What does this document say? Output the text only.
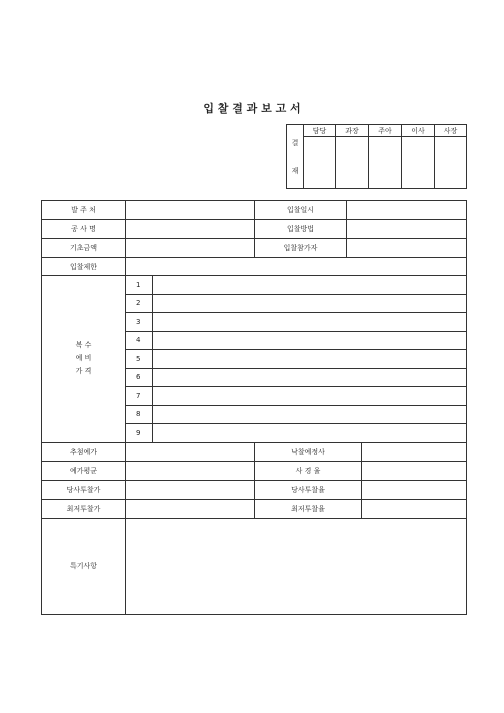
입 찰 결 과 보 고 서
결
재	담당	과장	주아	이사	사장

발 주 처			입찰일시		
공 사 명			입찰방법		
기초금액			입찰참가자		
입찰제한					

복 수
예 비
가 격	1				
	2				
	3				
	4				
	5				
	6				
	7				
	8				
	9				
추첨예가			낙찰예정사		
예가평균			사 경 율		
당사투찰가			당사투찰율		
최저투찰가			최저투찰율		
특기사항					
